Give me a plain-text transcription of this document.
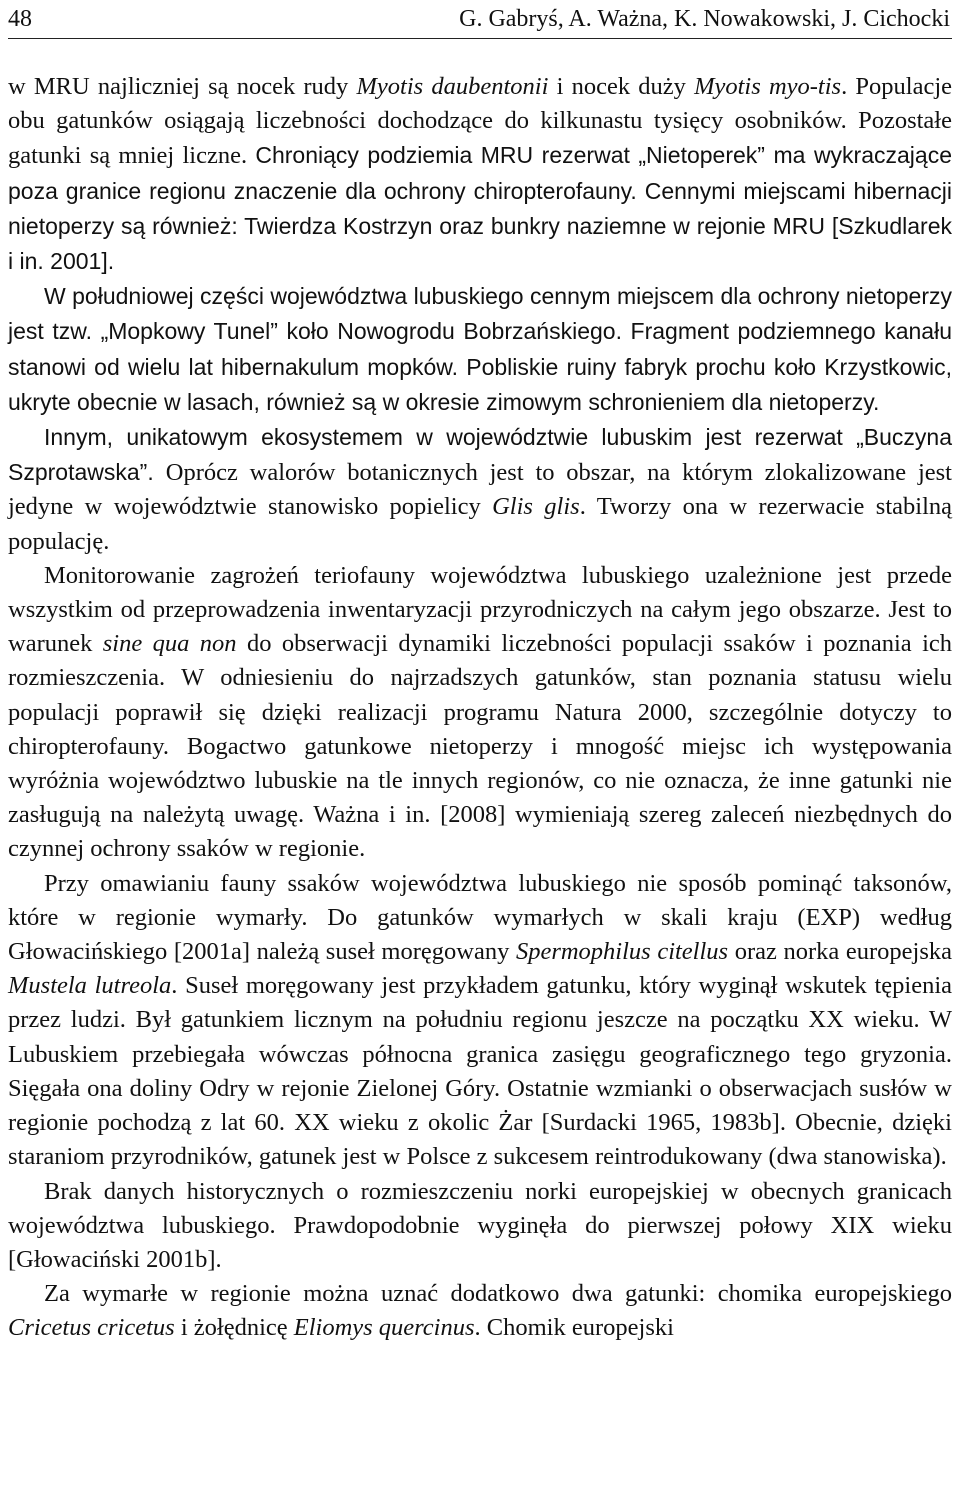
48	G. Gabryś, A. Ważna, K. Nowakowski, J. Cichocki

w MRU najliczniej są nocek rudy Myotis daubentonii i nocek duży Myotis myo-tis. Populacje obu gatunków osiągają liczebności dochodzące do kilkunastu tysięcy osobników. Pozostałe gatunki są mniej liczne. Chroniący podziemia MRU rezerwat „Nietoperek” ma wykraczające poza granice regionu znaczenie dla ochrony chiropterofauny. Cennymi miejscami hibernacji nietoperzy są również: Twierdza Kostrzyn oraz bunkry naziemne w rejonie MRU [Szkudlarek i in. 2001].

W południowej części województwa lubuskiego cennym miejscem dla ochrony nietoperzy jest tzw. „Mopkowy Tunel” koło Nowogrodu Bobrzańskiego. Fragment podziemnego kanału stanowi od wielu lat hibernakulum mopków. Pobliskie ruiny fabryk prochu koło Krzystkowic, ukryte obecnie w lasach, również są w okresie zimowym schronieniem dla nietoperzy.

Innym, unikatowym ekosystemem w województwie lubuskim jest rezerwat „Buczyna Szprotawska”. Oprócz walorów botanicznych jest to obszar, na którym zlokalizowane jest jedyne w województwie stanowisko popielicy Glis glis. Tworzy ona w rezerwacie stabilną populację.

Monitorowanie zagrożeń teriofauny województwa lubuskiego uzależnione jest przede wszystkim od przeprowadzenia inwentaryzacji przyrodniczych na całym jego obszarze. Jest to warunek sine qua non do obserwacji dynamiki liczebności populacji ssaków i poznania ich rozmieszczenia. W odniesieniu do najrzadszych gatunków, stan poznania statusu wielu populacji poprawił się dzięki realizacji programu Natura 2000, szczególnie dotyczy to chiropterofauny. Bogactwo gatunkowe nietoperzy i mnogość miejsc ich występowania wyróżnia województwo lubuskie na tle innych regionów, co nie oznacza, że inne gatunki nie zasługują na należytą uwagę. Ważna i in. [2008] wymieniają szereg zaleceń niezbędnych do czynnej ochrony ssaków w regionie.

Przy omawianiu fauny ssaków województwa lubuskiego nie sposób pominąć taksonów, które w regionie wymarły. Do gatunków wymarłych w skali kraju (EXP) według Głowacińskiego [2001a] należą suseł moręgowany Spermophilus citellus oraz norka europejska Mustela lutreola. Suseł moręgowany jest przykładem gatunku, który wyginął wskutek tępienia przez ludzi. Był gatunkiem licznym na południu regionu jeszcze na początku XX wieku. W Lubuskiem przebiegała wówczas północna granica zasięgu geograficznego tego gryzonia. Sięgała ona doliny Odry w rejonie Zielonej Góry. Ostatnie wzmianki o obserwacjach susłów w regionie pochodzą z lat 60. XX wieku z okolic Żar [Surdacki 1965, 1983b]. Obecnie, dzięki staraniom przyrodników, gatunek jest w Polsce z sukcesem reintrodukowany (dwa stanowiska).

Brak danych historycznych o rozmieszczeniu norki europejskiej w obecnych granicach województwa lubuskiego. Prawdopodobnie wyginęła do pierwszej połowy XIX wieku [Głowaciński 2001b].

Za wymarłe w regionie można uznać dodatkowo dwa gatunki: chomika europejskiego Cricetus cricetus i żołędnicę Eliomys quercinus. Chomik europejski
